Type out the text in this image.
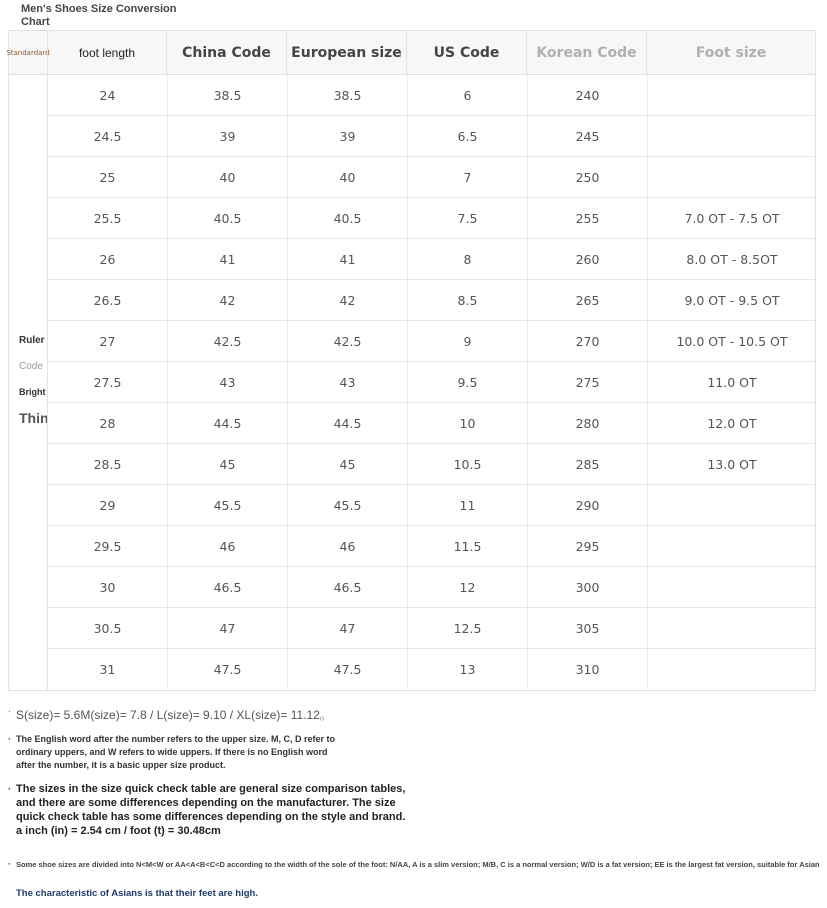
Men's Shoes Size Conversion Chart
Standardard	foot length	China Code	European size	US Code	Korean Code	Foot size
Ruler
Code
Bright
Thin
24	38.5	38.5	6	240
24.5	39	39	6.5	245
25	40	40	7	250
25.5	40.5	40.5	7.5	255	7.0 OT - 7.5 OT
26	41	41	8	260	8.0 OT - 8.5OT
26.5	42	42	8.5	265	9.0 OT - 9.5 OT
27	42.5	42.5	9	270	10.0 OT - 10.5 OT
27.5	43	43	9.5	275	11.0 OT
28	44.5	44.5	10	280	12.0 OT
28.5	45	45	10.5	285	13.0 OT
29	45.5	45.5	11	290
29.5	46	46	11.5	295
30	46.5	46.5	12	300
30.5	47	47	12.5	305
31	47.5	47.5	13	310
· S(size)= 5.6M(size)= 7.8 / L(size)= 9.10 / XL(size)= 11.12。
· The English word after the number refers to the upper size. M, C, D refer to ordinary uppers, and W refers to wide uppers. If there is no English word after the number, it is a basic upper size product.
· The sizes in the size quick check table are general size comparison tables, and there are some differences depending on the manufacturer. The size quick check table has some differences depending on the style and brand. a inch (in) = 2.54 cm / foot (t) = 30.48cm
· Some shoe sizes are divided into N<M<W or AA<A<B<C<D according to the width of the sole of the foot: N/AA, A is a slim version; M/B, C is a normal version; W/D is a fat version; EE is the largest fat version, suitable for Asian
The characteristic of Asians is that their feet are high.
